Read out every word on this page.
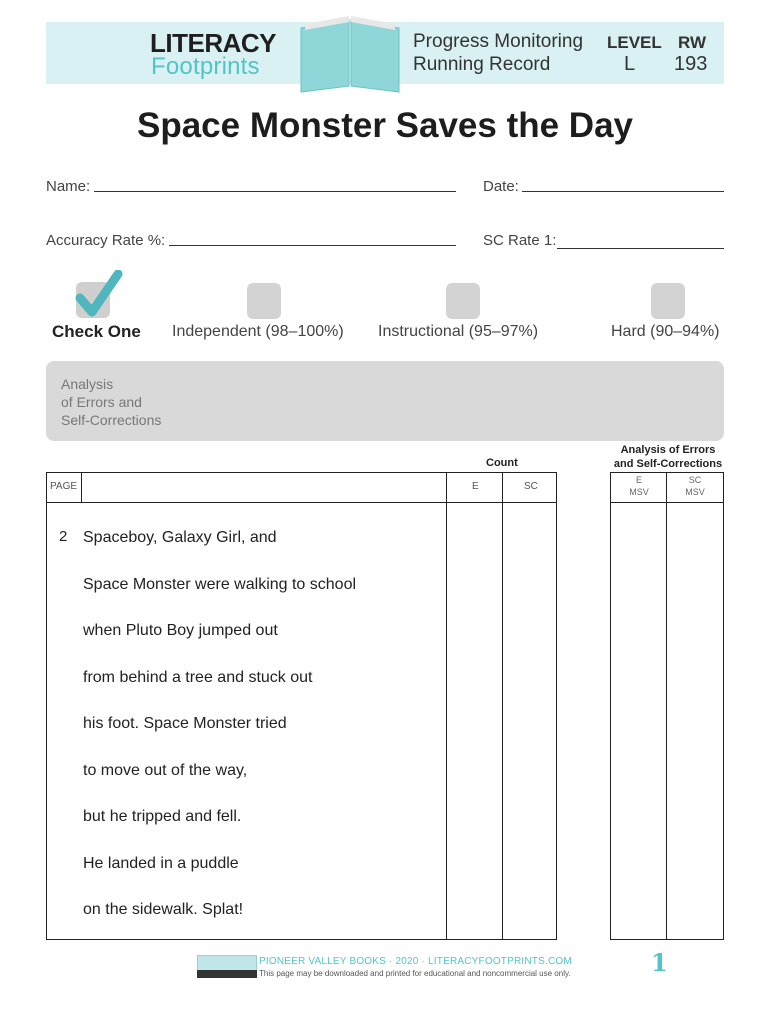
LITERACY
Footprints
Progress Monitoring
Running Record
LEVEL
L
RW
193
Space Monster Saves the Day
Name:	Date:
Accuracy Rate %:	SC Rate 1:
Check One Independent (98–100%) Instructional (95–97%)	Hard (90–94%)
Analysis
of Errors and
Self-Corrections
Count
PAGE	E	SC
2 Spaceboy, Galaxy Girl, and
Space Monster were walking to school
when Pluto Boy jumped out
from behind a tree and stuck out
his foot. Space Monster tried
to move out of the way,
but he tripped and fell.
He landed in a puddle
on the sidewalk. Splat!
Analysis of Errors
and Self-Corrections
E
MSV
SC
MSV
PIONEER VALLEY BOOKS · 2020 · LITERACYFOOTPRINTS.COM
This page may be downloaded and printed for educational and noncommercial use only.	1
